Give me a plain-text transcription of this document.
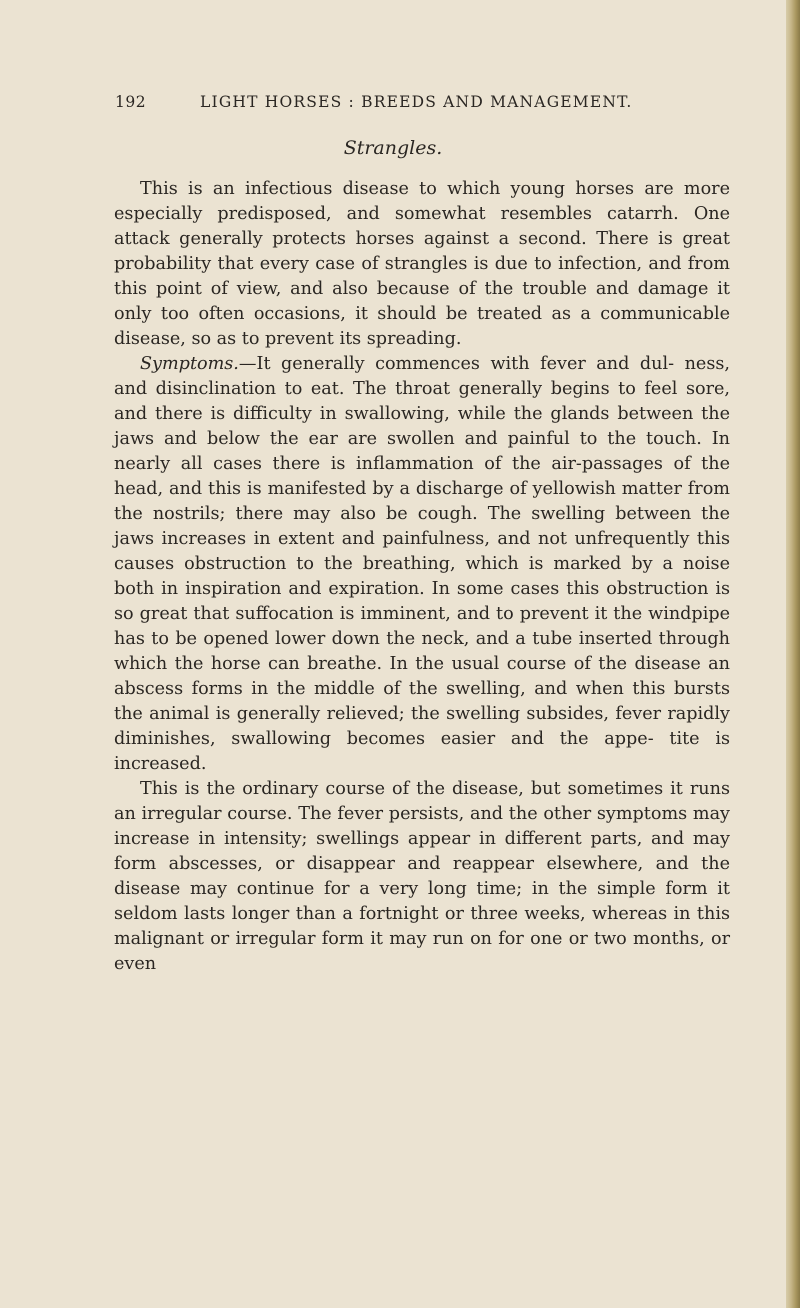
192	LIGHT HORSES : BREEDS AND MANAGEMENT.
Strangles.

This is an infectious disease to which young horses are more especially predisposed, and somewhat resembles catarrh. One attack generally protects horses against a second. There is great probability that every case of strangles is due to infection, and from this point of view, and also because of the trouble and damage it only too often occasions, it should be treated as a communicable disease, so as to prevent its spreading.

Symptoms.—It generally commences with fever and dul- ness, and disinclination to eat. The throat generally begins to feel sore, and there is difficulty in swallowing, while the glands between the jaws and below the ear are swollen and painful to the touch. In nearly all cases there is inflammation of the air-passages of the head, and this is manifested by a discharge of yellowish matter from the nostrils; there may also be cough. The swelling between the jaws increases in extent and painfulness, and not unfrequently this causes obstruction to the breathing, which is marked by a noise both in inspiration and expiration. In some cases this obstruction is so great that suffocation is imminent, and to prevent it the windpipe has to be opened lower down the neck, and a tube inserted through which the horse can breathe. In the usual course of the disease an abscess forms in the middle of the swelling, and when this bursts the animal is generally relieved; the swelling subsides, fever rapidly diminishes, swallowing becomes easier and the appe- tite is increased.

This is the ordinary course of the disease, but sometimes it runs an irregular course. The fever persists, and the other symptoms may increase in intensity; swellings appear in different parts, and may form abscesses, or disappear and reappear elsewhere, and the disease may continue for a very long time; in the simple form it seldom lasts longer than a fortnight or three weeks, whereas in this malignant or irregular form it may run on for one or two months, or even
